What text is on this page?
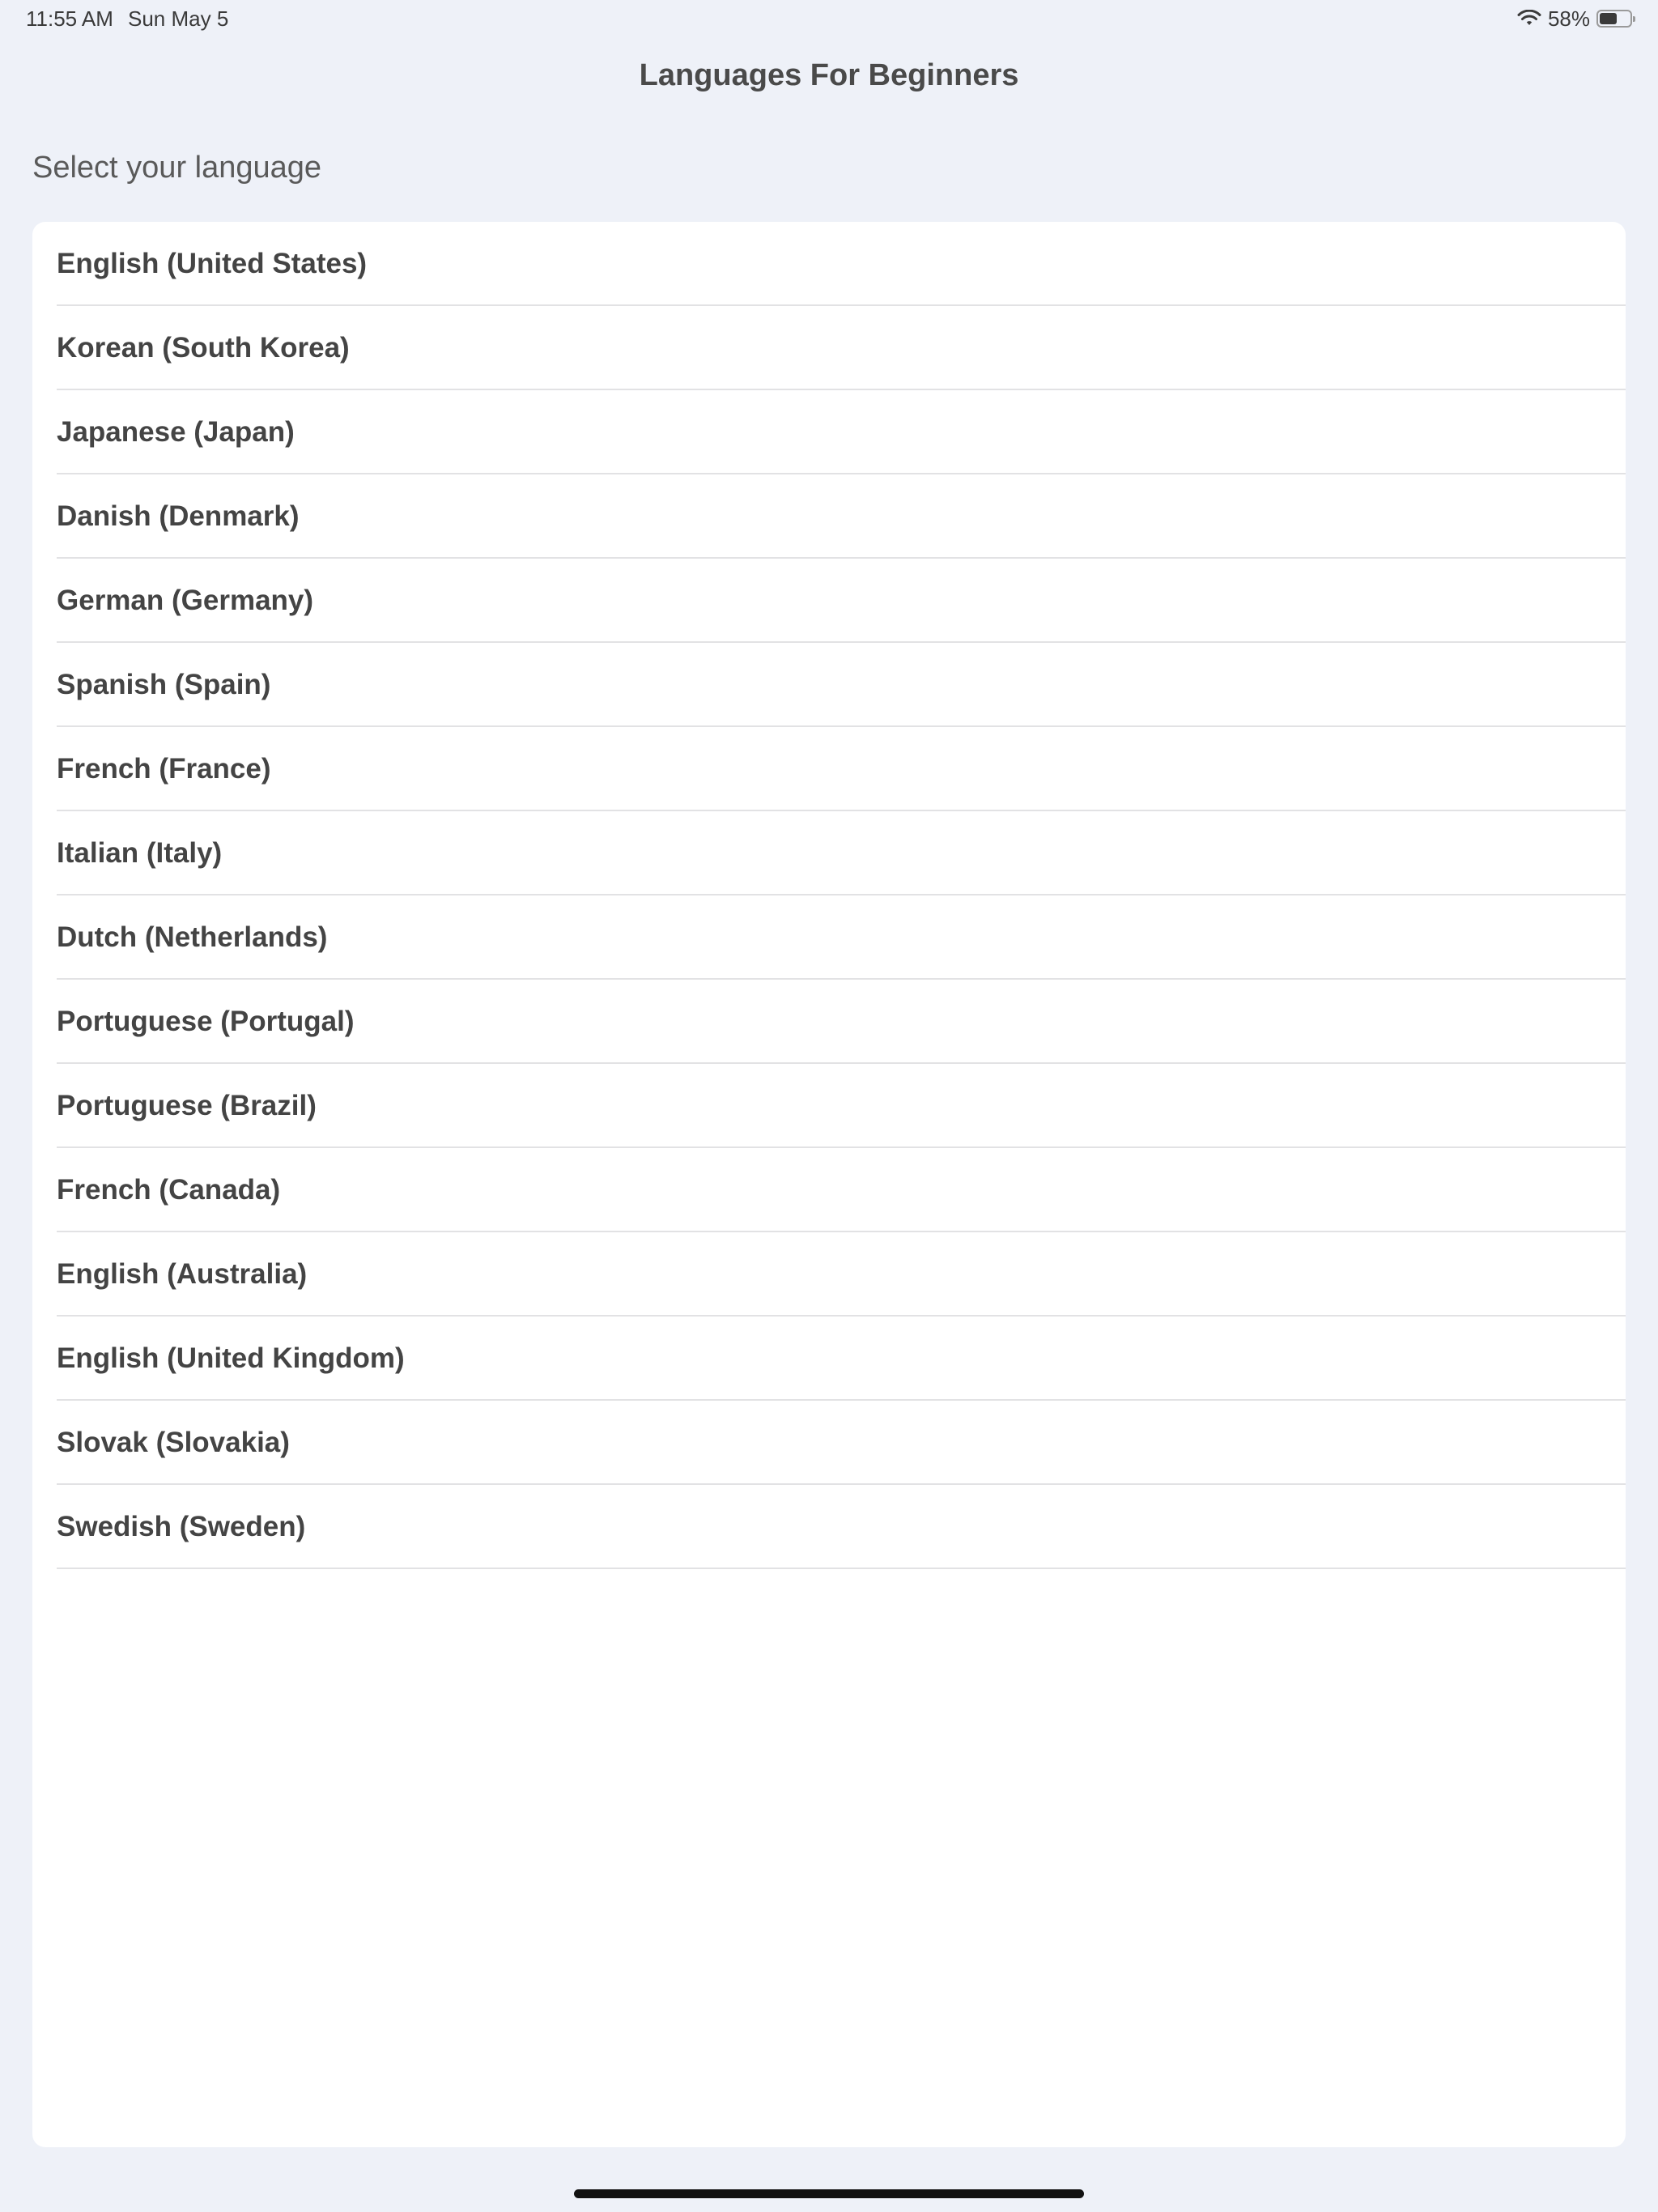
11:55 AM Sun May 5	58%
Languages For Beginners
Select your language
English (United States)
Korean (South Korea)
Japanese (Japan)
Danish (Denmark)
German (Germany)
Spanish (Spain)
French (France)
Italian (Italy)
Dutch (Netherlands)
Portuguese (Portugal)
Portuguese (Brazil)
French (Canada)
English (Australia)
English (United Kingdom)
Slovak (Slovakia)
Swedish (Sweden)
